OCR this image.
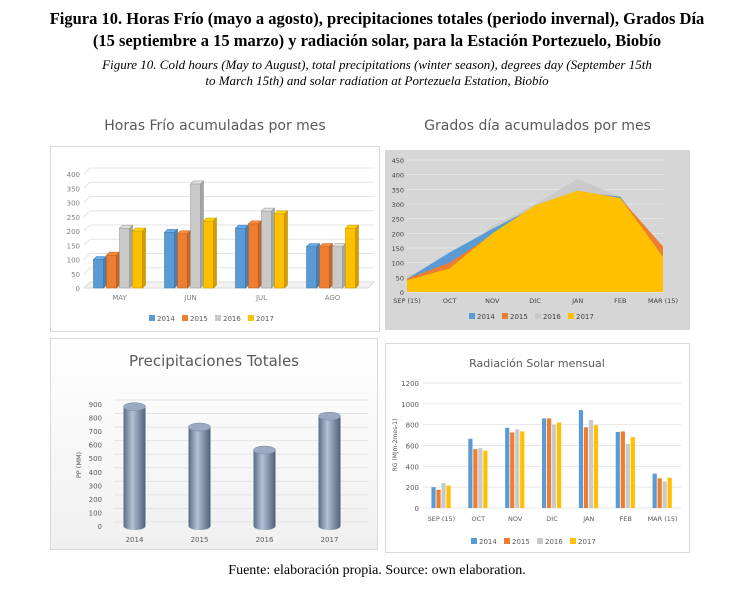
Figura 10. Horas Frío (mayo a agosto), precipitaciones totales (periodo invernal), Grados Día
(15 septiembre a 15 marzo) y radiación solar, para la Estación Portezuelo, Biobío
Figure 10. Cold hours (May to August), total precipitations (winter season), degrees day (September 15th
to March 15th) and solar radiation at Portezuela Estation, Biobío
Horas Frío acumuladas por mes	Grados día acumulados por mes
0
50
100
150
200
250
300
350
400
MAY	JUN	JUL	AGO
2014 2015 2016 2017
0
50
100
150
200
250
300
350
400
450
SEP (15)	OCT	NOV	DIC	JAN	FEB	MAR (15)
2014 2015 2016 2017
Precipitaciones Totales
0
100
200
300
400
500
600
700
800
900
PP (MM)
2014	2015	2016	2017
Radiación Solar mensual
0
200
400
600
800
1000
1200
RG (MJm-2mes-1)
SEP (15)	OCT	NOV	DIC	JAN	FEB MAR (15)
2014 2015 2016 2017
Fuente: elaboración propia. Source: own elaboration.
